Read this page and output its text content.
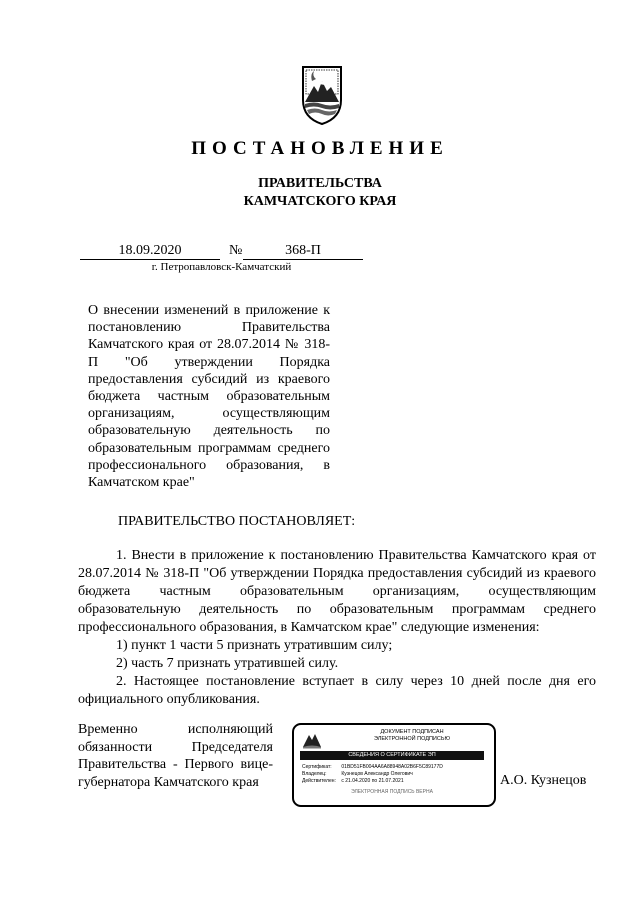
ПОСТАНОВЛЕНИЕ
ПРАВИТЕЛЬСТВА
КАМЧАТСКОГО КРАЯ
18.09.2020	№	368-П
г. Петропавловск-Камчатский
О внесении изменений в приложение к постановлению Правительства Камчатского края от 28.07.2014 № 318-П "Об утверждении Порядка предоставления субсидий из краевого бюджета частным образовательным организациям, осуществляющим образовательную деятельность по образовательным программам среднего профессионального образования, в Камчатском крае"
ПРАВИТЕЛЬСТВО ПОСТАНОВЛЯЕТ:

1. Внести в приложение к постановлению Правительства Камчатского края от 28.07.2014 № 318-П "Об утверждении Порядка предоставления субсидий из краевого бюджета частным образовательным организациям, осуществляющим образовательную деятельность по образовательным программам среднего профессионального образования, в Камчатском крае" следующие изменения:

1) пункт 1 части 5 признать утратившим силу;

2) часть 7 признать утратившей силу.

2. Настоящее постановление вступает в силу через 10 дней после дня его официального опубликования.

Временно исполняющий обязанности Председателя Правительства - Первого вице-губернатора Камчатского края
ДОКУМЕНТ ПОДПИСАН
ЭЛЕКТРОННОЙ ПОДПИСЬЮ
СВЕДЕНИЯ О СЕРТИФИКАТЕ ЭП
Сертификат: 01BD51FB004AA6A88948A02B6F5C89177D
Владелец:	Кузнецов Александр Олегович
Действителен: с 21.04.2020 по 21.07.2021
ЭЛЕКТРОННАЯ ПОДПИСЬ ВЕРНА
А.О. Кузнецов
